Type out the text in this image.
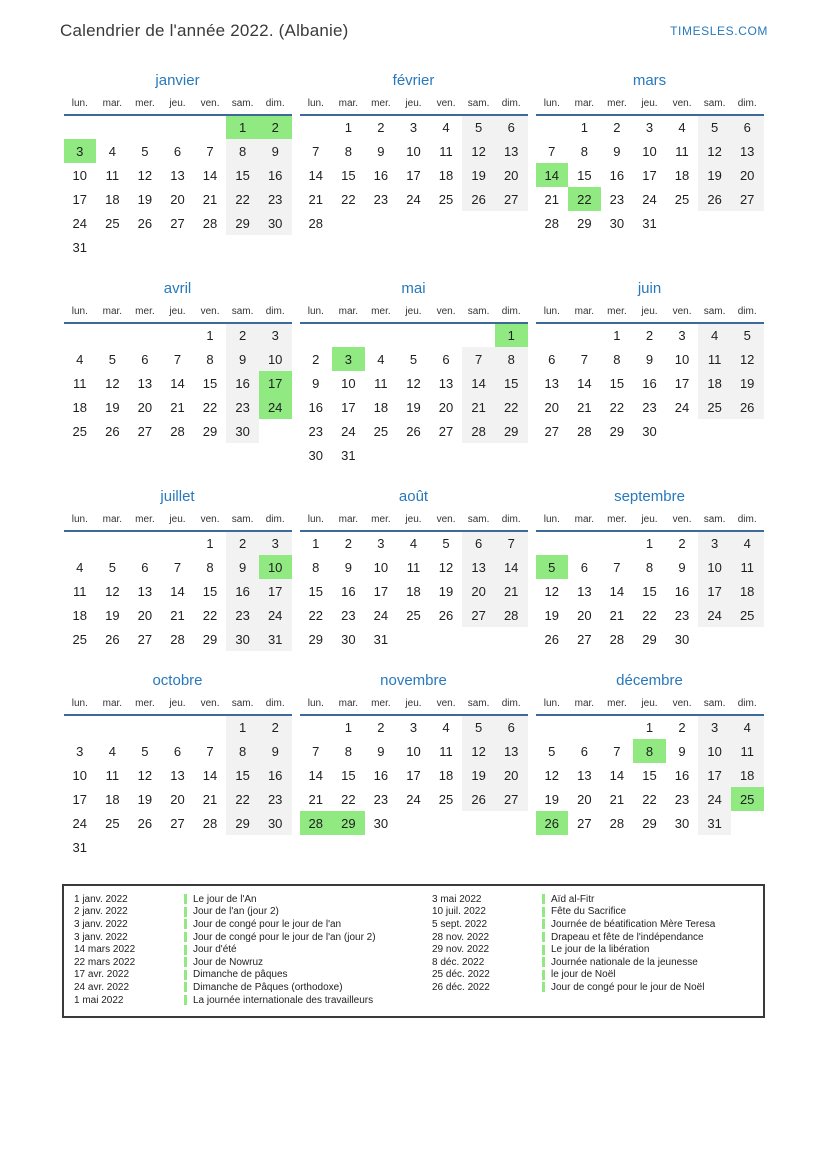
Calendrier de l'année 2022. (Albanie)	TIMESLES.COM
janvier
lun.	mar.	mer.	jeu.	ven.	sam.	dim.
					1	2
3	4	5	6	7	8	9
10	11	12	13	14	15	16
17	18	19	20	21	22	23
24	25	26	27	28	29	30
31						
février
lun.	mar.	mer.	jeu.	ven.	sam.	dim.
	1	2	3	4	5	6
7	8	9	10	11	12	13
14	15	16	17	18	19	20
21	22	23	24	25	26	27
28						
mars
lun.	mar.	mer.	jeu.	ven.	sam.	dim.
	1	2	3	4	5	6
7	8	9	10	11	12	13
14	15	16	17	18	19	20
21	22	23	24	25	26	27
28	29	30	31			
avril
lun.	mar.	mer.	jeu.	ven.	sam.	dim.
				1	2	3
4	5	6	7	8	9	10
11	12	13	14	15	16	17
18	19	20	21	22	23	24
25	26	27	28	29	30	
mai
lun.	mar.	mer.	jeu.	ven.	sam.	dim.
						1
2	3	4	5	6	7	8
9	10	11	12	13	14	15
16	17	18	19	20	21	22
23	24	25	26	27	28	29
30	31					
juin
lun.	mar.	mer.	jeu.	ven.	sam.	dim.
		1	2	3	4	5
6	7	8	9	10	11	12
13	14	15	16	17	18	19
20	21	22	23	24	25	26
27	28	29	30			
juillet
lun.	mar.	mer.	jeu.	ven.	sam.	dim.
				1	2	3
4	5	6	7	8	9	10
11	12	13	14	15	16	17
18	19	20	21	22	23	24
25	26	27	28	29	30	31
août
lun.	mar.	mer.	jeu.	ven.	sam.	dim.
1	2	3	4	5	6	7
8	9	10	11	12	13	14
15	16	17	18	19	20	21
22	23	24	25	26	27	28
29	30	31				
septembre
lun.	mar.	mer.	jeu.	ven.	sam.	dim.
			1	2	3	4
5	6	7	8	9	10	11
12	13	14	15	16	17	18
19	20	21	22	23	24	25
26	27	28	29	30		
octobre
lun.	mar.	mer.	jeu.	ven.	sam.	dim.
					1	2
3	4	5	6	7	8	9
10	11	12	13	14	15	16
17	18	19	20	21	22	23
24	25	26	27	28	29	30
31						
novembre
lun.	mar.	mer.	jeu.	ven.	sam.	dim.
	1	2	3	4	5	6
7	8	9	10	11	12	13
14	15	16	17	18	19	20
21	22	23	24	25	26	27
28	29	30				
décembre
lun.	mar.	mer.	jeu.	ven.	sam.	dim.
			1	2	3	4
5	6	7	8	9	10	11
12	13	14	15	16	17	18
19	20	21	22	23	24	25
26	27	28	29	30	31	
1 janv. 2022	Le jour de l'An
2 janv. 2022	Jour de l'an (jour 2)
3 janv. 2022	Jour de congé pour le jour de l'an
3 janv. 2022	Jour de congé pour le jour de l'an (jour 2)
14 mars 2022	Jour d'été
22 mars 2022	Jour de Nowruz
17 avr. 2022	Dimanche de pâques
24 avr. 2022	Dimanche de Pâques (orthodoxe)
1 mai 2022	La journée internationale des travailleurs
3 mai 2022	Aïd al-Fitr
10 juil. 2022	Fête du Sacrifice
5 sept. 2022	Journée de béatification Mère Teresa
28 nov. 2022	Drapeau et fête de l'indépendance
29 nov. 2022	Le jour de la libération
8 déc. 2022	Journée nationale de la jeunesse
25 déc. 2022	le jour de Noël
26 déc. 2022	Jour de congé pour le jour de Noël
